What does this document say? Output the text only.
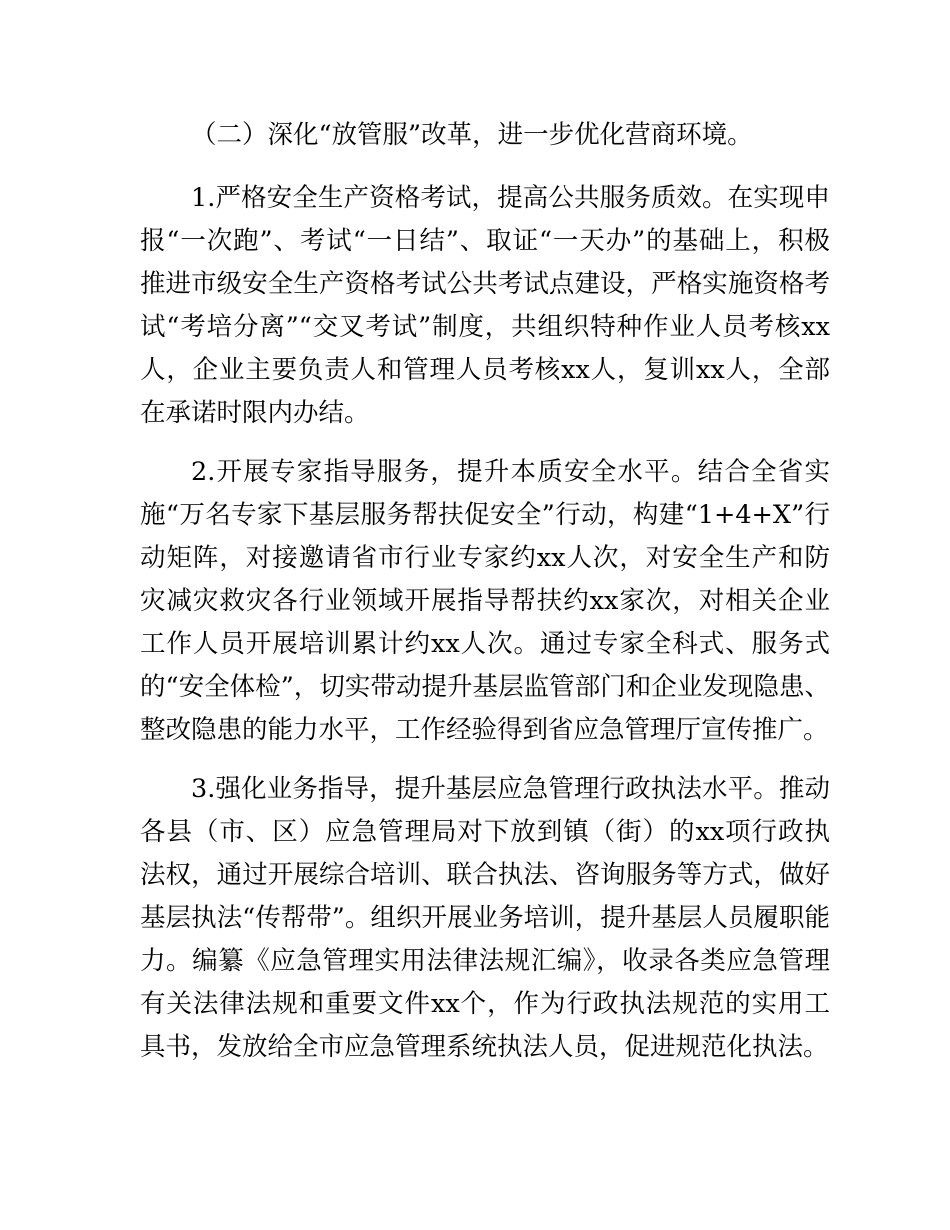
（二）深化“放管服”改革，进一步优化营商环境。

1.严格安全生产资格考试，提高公共服务质效。在实现申报“一次跑”、考试“一日结”、取证“一天办”的基础上，积极推进市级安全生产资格考试公共考试点建设，严格实施资格考试“考培分离”“交叉考试”制度，共组织特种作业人员考核xx人，企业主要负责人和管理人员考核xx人，复训xx人，全部在承诺时限内办结。

2.开展专家指导服务，提升本质安全水平。结合全省实施“万名专家下基层服务帮扶促安全”行动，构建“1+4+X”行动矩阵，对接邀请省市行业专家约xx人次，对安全生产和防灾减灾救灾各行业领域开展指导帮扶约xx家次，对相关企业工作人员开展培训累计约xx人次。通过专家全科式、服务式的“安全体检”，切实带动提升基层监管部门和企业发现隐患、整改隐患的能力水平，工作经验得到省应急管理厅宣传推广。

3.强化业务指导，提升基层应急管理行政执法水平。推动各县（市、区）应急管理局对下放到镇（街）的xx项行政执法权，通过开展综合培训、联合执法、咨询服务等方式，做好基层执法“传帮带”。组织开展业务培训，提升基层人员履职能力。编纂《应急管理实用法律法规汇编》，收录各类应急管理有关法律法规和重要文件xx个，作为行政执法规范的实用工具书，发放给全市应急管理系统执法人员，促进规范化执法。
